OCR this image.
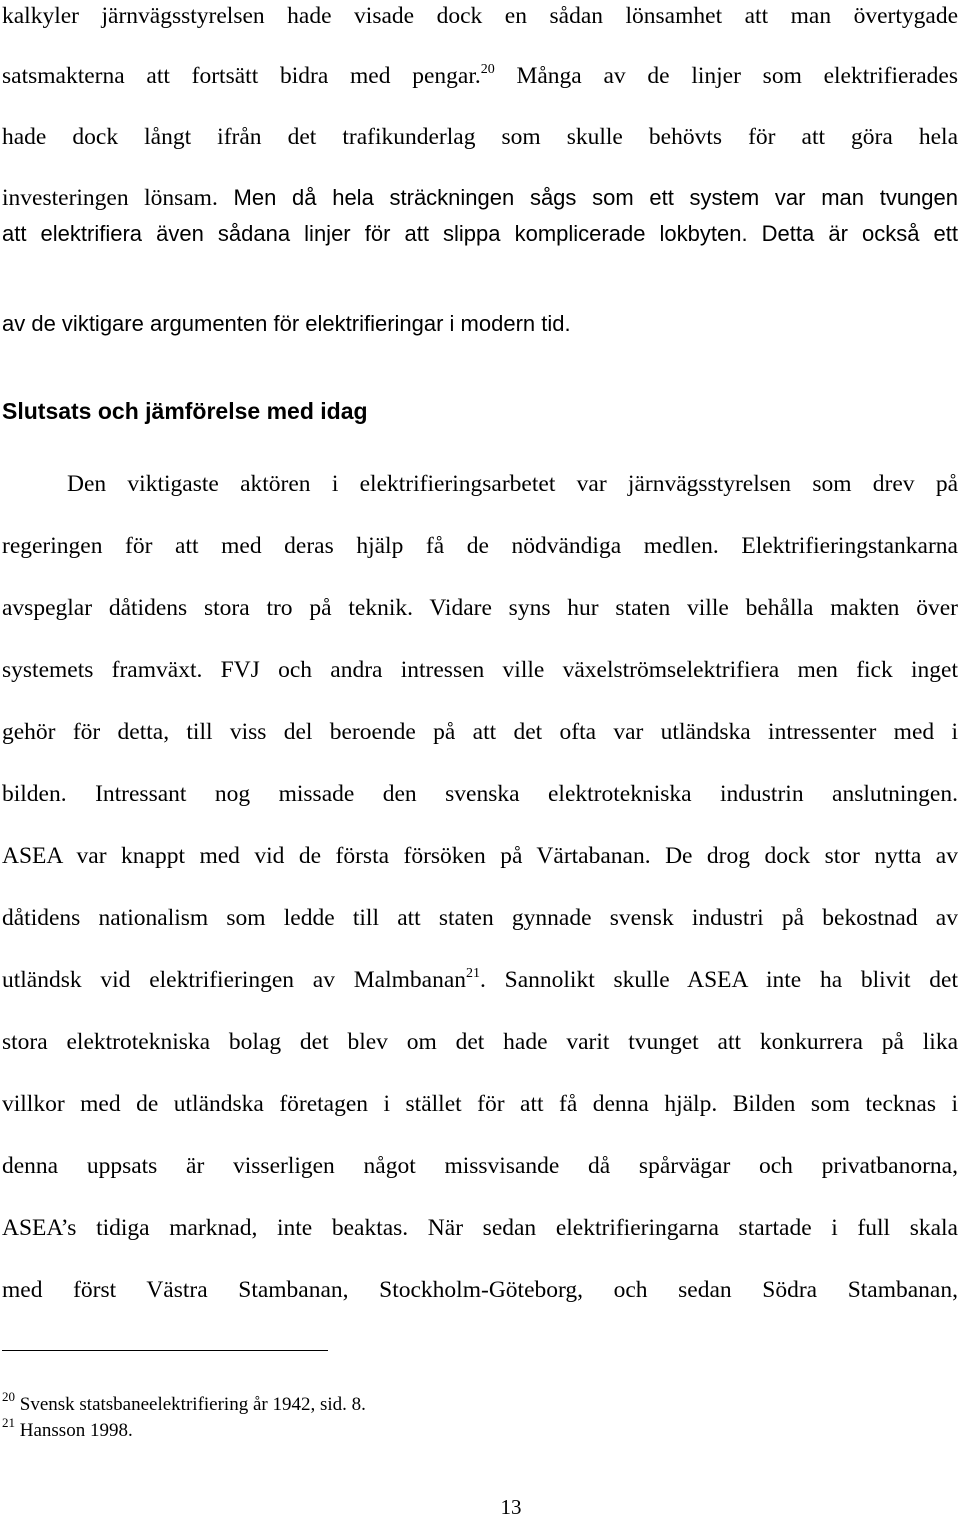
kalkyler järnvägsstyrelsen hade visade dock en sådan lönsamhet att man övertygade
satsmakterna att fortsätt bidra med pengar.$^{20}$ Många av de linjer som elektrifierades
hade dock långt ifrån det trafikunderlag som skulle behövts för att göra hela
investeringen lönsam. Men då hela sträckningen sågs som ett system var man tvungen
att elektrifiera även sådana linjer för att slippa komplicerade lokbyten. Detta är också ett
av de viktigare argumenten för elektrifieringar i modern tid.
Slutsats och jämförelse med idag
Den viktigaste aktören i elektrifieringsarbetet var järnvägsstyrelsen som drev på
regeringen för att med deras hjälp få de nödvändiga medlen. Elektrifieringstankarna
avspeglar dåtidens stora tro på teknik. Vidare syns hur staten ville behålla makten över
systemets framväxt. FVJ och andra intressen ville växelströmselektrifiera men fick inget
gehör för detta, till viss del beroende på att det ofta var utländska intressenter med i
bilden. Intressant nog missade den svenska elektrotekniska industrin anslutningen.
ASEA var knappt med vid de första försöken på Värtabanan. De drog dock stor nytta av
dåtidens nationalism som ledde till att staten gynnade svensk industri på bekostnad av
utländsk vid elektrifieringen av Malmbanan$^{21}$. Sannolikt skulle ASEA inte ha blivit det
stora elektrotekniska bolag det blev om det hade varit tvunget att konkurrera på lika
villkor med de utländska företagen i stället för att få denna hjälp. Bilden som tecknas i
denna uppsats är visserligen något missvisande då spårvägar och privatbanorna,
ASEA’s tidiga marknad, inte beaktas. När sedan elektrifieringarna startade i full skala
med först Västra Stambanan, Stockholm-Göteborg, och sedan Södra Stambanan,
$^{20}$ Svensk statsbaneelektrifiering år 1942, sid. 8.
$^{21}$ Hansson 1998.
13
